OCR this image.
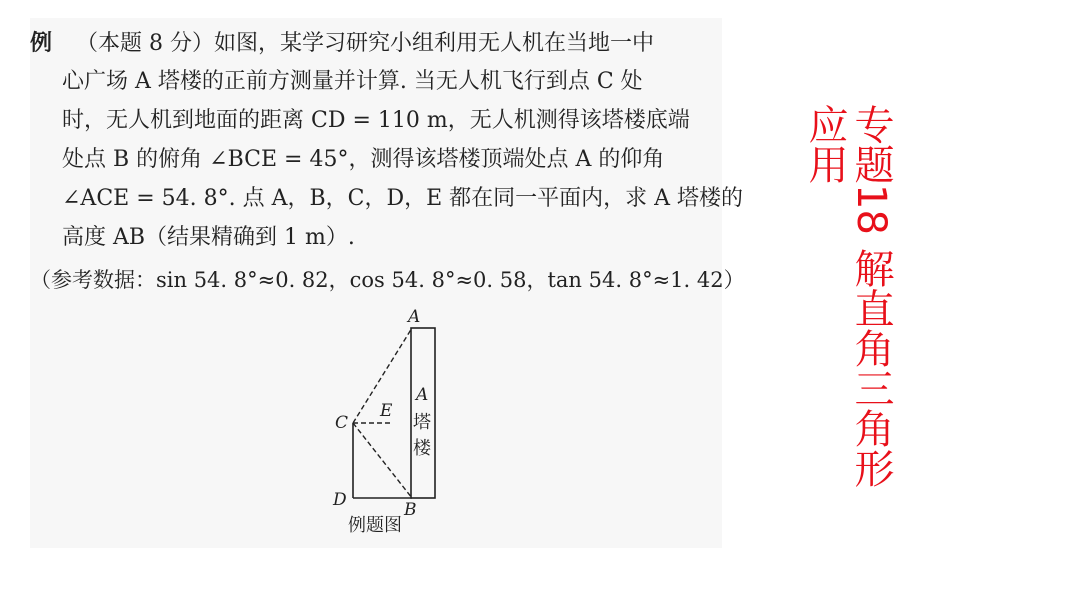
例 （本题 8 分）如图，某学习研究小组利用无人机在当地一中
心广场 A 塔楼的正前方测量并计算. 当无人机飞行到点 C 处
时，无人机到地面的距离 CD = 110 m，无人机测得该塔楼底端
处点 B 的俯角 ∠BCE = 45°，测得该塔楼顶端处点 A 的仰角
∠ACE = 54. 8°. 点 A，B，C，D，E 都在同一平面内，求 A 塔楼的
高度 AB（结果精确到 1 m）.
（参考数据：sin 54. 8°≈0. 82，cos 54. 8°≈0. 58，tan 54. 8°≈1. 42）
A
B
C
D
E
A
塔
楼
例题图
专题18 解直角三角形
应用
